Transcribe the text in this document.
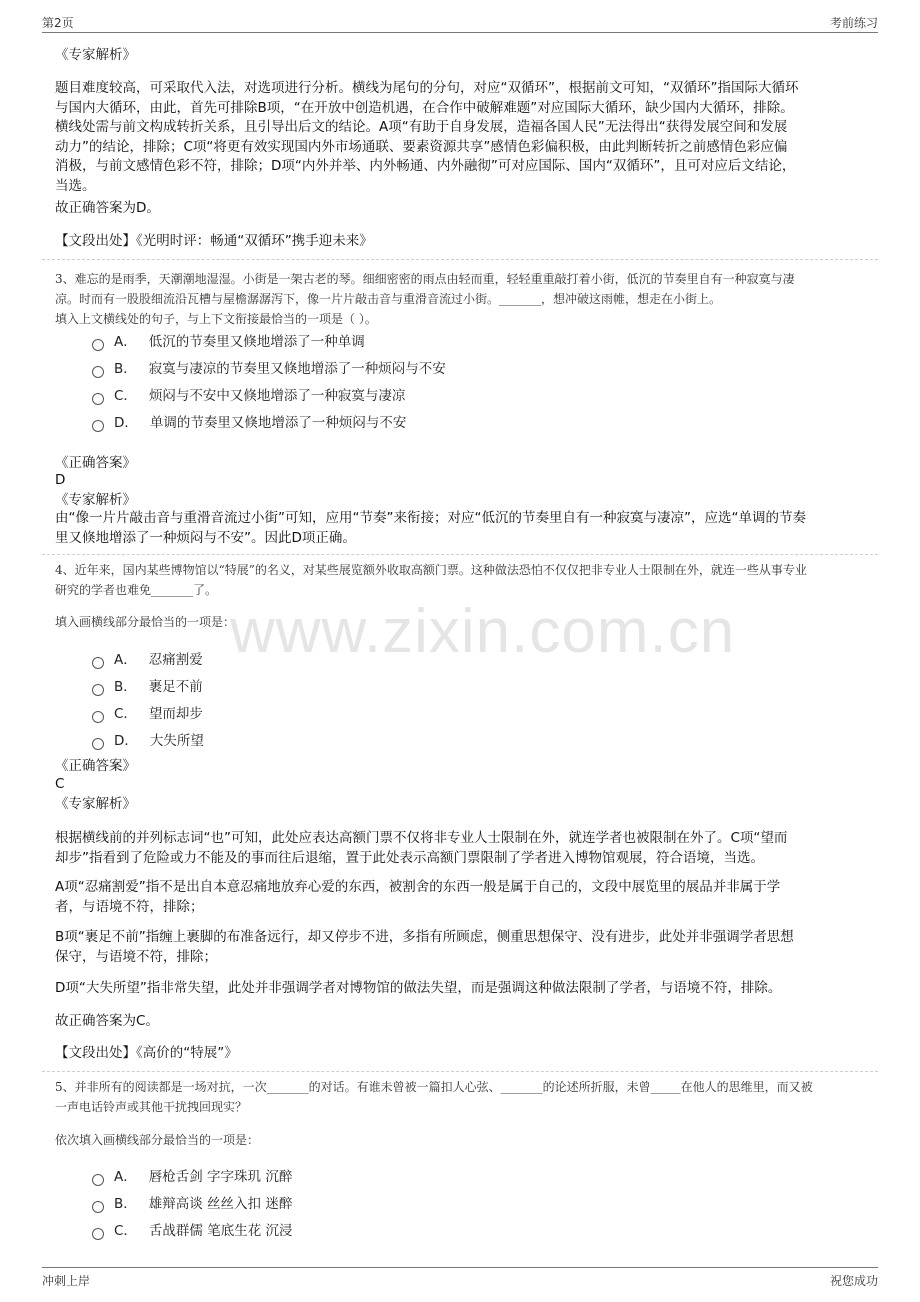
第2页	考前练习
www.zixin.com.cn
《专家解析》
题目难度较高，可采取代入法，对选项进行分析。横线为尾句的分句，对应“双循环”，根据前文可知，“双循环”指国际大循环
与国内大循环，由此，首先可排除B项，“在开放中创造机遇，在合作中破解难题”对应国际大循环，缺少国内大循环，排除。
横线处需与前文构成转折关系，且引导出后文的结论。A项“有助于自身发展，造福各国人民”无法得出“获得发展空间和发展
动力”的结论，排除；C项“将更有效实现国内外市场通联、要素资源共享”感情色彩偏积极，由此判断转折之前感情色彩应偏
消极，与前文感情色彩不符，排除；D项“内外并举、内外畅通、内外融彻”可对应国际、国内“双循环”，且可对应后文结论，
当选。
故正确答案为D。
【文段出处】《光明时评：畅通“双循环”携手迎未来》
3、难忘的是雨季，天潮潮地湿湿。小街是一架古老的琴。细细密密的雨点由轻而重，轻轻重重敲打着小街，低沉的节奏里自有一种寂寞与凄
凉。时而有一股股细流沿瓦槽与屋檐潺潺泻下，像一片片敲击音与重滑音流过小街。_______，想冲破这雨帷，想走在小街上。
填入上文横线处的句子，与上下文衔接最恰当的一项是（ ）。
A． 低沉的节奏里又倏地增添了一种单调
B． 寂寞与凄凉的节奏里又倏地增添了一种烦闷与不安
C． 烦闷与不安中又倏地增添了一种寂寞与凄凉
D． 单调的节奏里又倏地增添了一种烦闷与不安
《正确答案》
D
《专家解析》
由“像一片片敲击音与重滑音流过小街”可知，应用“节奏”来衔接；对应“低沉的节奏里自有一种寂寞与凄凉”，应选“单调的节奏
里又倏地增添了一种烦闷与不安”。因此D项正确。
4、近年来，国内某些博物馆以“特展”的名义，对某些展览额外收取高额门票。这种做法恐怕不仅仅把非专业人士限制在外，就连一些从事专业
研究的学者也难免_______了。
填入画横线部分最恰当的一项是：
A． 忍痛割爱
B． 裹足不前
C． 望而却步
D． 大失所望
《正确答案》
C
《专家解析》
根据横线前的并列标志词“也”可知，此处应表达高额门票不仅将非专业人士限制在外，就连学者也被限制在外了。C项“望而
却步”指看到了危险或力不能及的事而往后退缩，置于此处表示高额门票限制了学者进入博物馆观展，符合语境，当选。
A项“忍痛割爱”指不是出自本意忍痛地放弃心爱的东西，被割舍的东西一般是属于自己的，文段中展览里的展品并非属于学
者，与语境不符，排除；
B项“裹足不前”指缠上裹脚的布准备远行，却又停步不进，多指有所顾虑，侧重思想保守、没有进步，此处并非强调学者思想
保守，与语境不符，排除；
D项“大失所望”指非常失望，此处并非强调学者对博物馆的做法失望，而是强调这种做法限制了学者，与语境不符，排除。
故正确答案为C。
【文段出处】《高价的“特展”》
5、并非所有的阅读都是一场对抗，一次_______的对话。有谁未曾被一篇扣人心弦、_______的论述所折服，未曾_____在他人的思维里，而又被
一声电话铃声或其他干扰拽回现实？
依次填入画横线部分最恰当的一项是：
A． 唇枪舌剑 字字珠玑 沉醉
B． 雄辩高谈 丝丝入扣 迷醉
C． 舌战群儒 笔底生花 沉浸
冲刺上岸	祝您成功
